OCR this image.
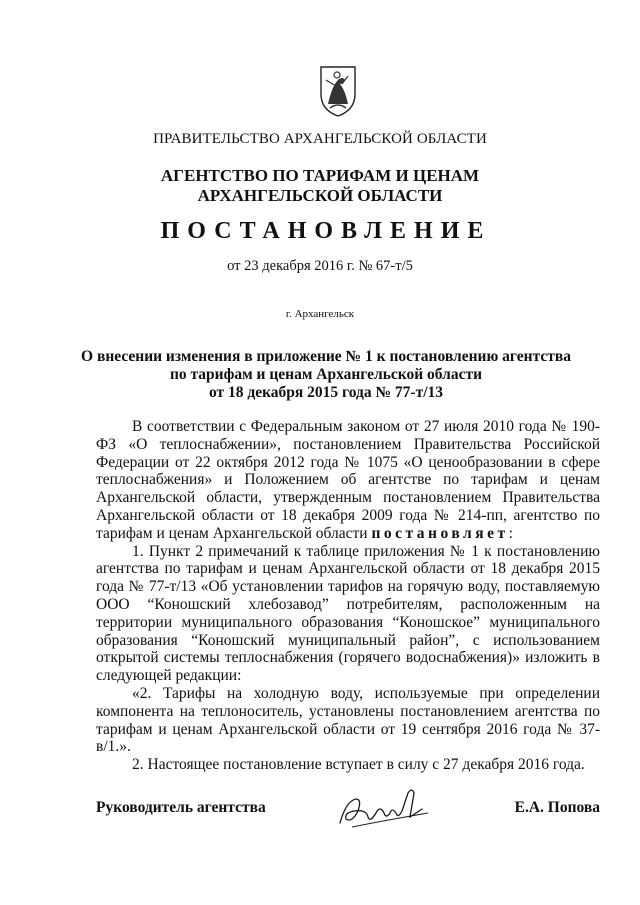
ПРАВИТЕЛЬСТВО АРХАНГЕЛЬСКОЙ ОБЛАСТИ
АГЕНТСТВО ПО ТАРИФАМ И ЦЕНАМ
АРХАНГЕЛЬСКОЙ ОБЛАСТИ
ПОСТАНОВЛЕНИЕ
от 23 декабря 2016 г. № 67-т/5
г. Архангельск
О внесении изменения в приложение № 1 к постановлению агентства
по тарифам и ценам Архангельской области
от 18 декабря 2015 года № 77-т/13

В соответствии с Федеральным законом от 27 июля 2010 года № 190-ФЗ «О теплоснабжении», постановлением Правительства Российской Федерации от 22 октября 2012 года № 1075 «О ценообразовании в сфере теплоснабжения» и Положением об агентстве по тарифам и ценам Архангельской области, утвержденным постановлением Правительства Архангельской области от 18 декабря 2009 года № 214-пп, агентство по тарифам и ценам Архангельской области постановляет:

1. Пункт 2 примечаний к таблице приложения № 1 к постановлению агентства по тарифам и ценам Архангельской области от 18 декабря 2015 года № 77-т/13 «Об установлении тарифов на горячую воду, поставляемую ООО “Коношский хлебозавод” потребителям, расположенным на территории муниципального образования “Коношское” муниципального образования “Коношский муниципальный район”, с использованием открытой системы теплоснабжения (горячего водоснабжения)» изложить в следующей редакции:

«2. Тарифы на холодную воду, используемые при определении компонента на теплоноситель, установлены постановлением агентства по тарифам и ценам Архангельской области от 19 сентября 2016 года № 37-в/1.».

2. Настоящее постановление вступает в силу с 27 декабря 2016 года.

Руководитель агентства	Е.А. Попова
